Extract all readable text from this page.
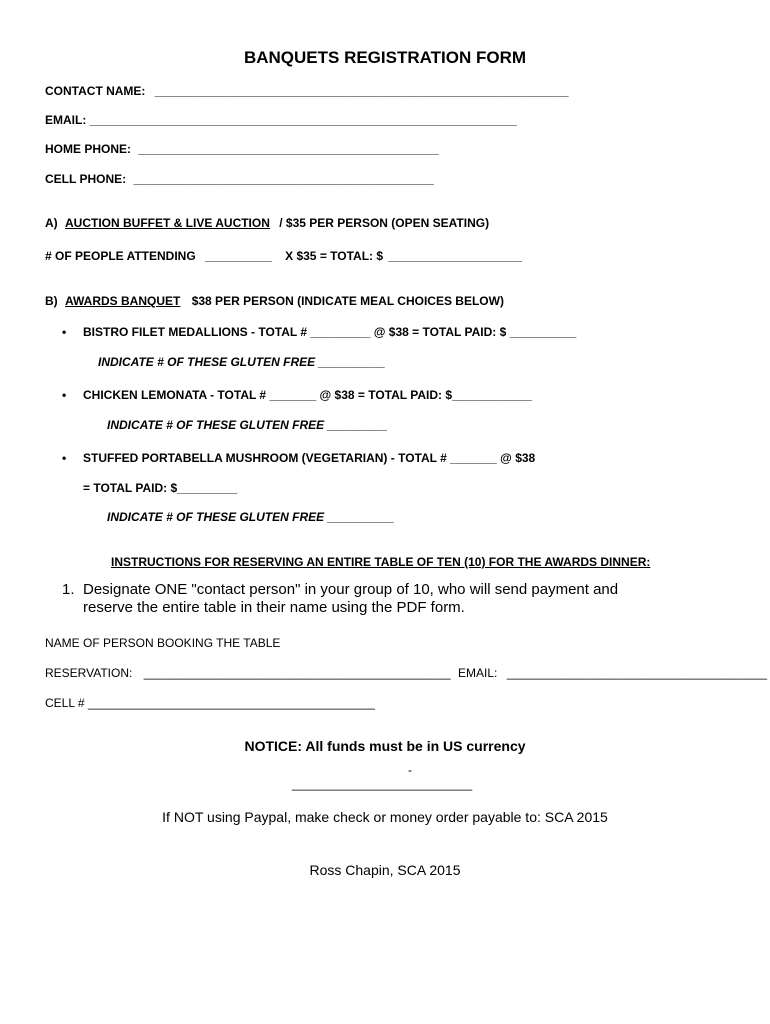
BANQUETS REGISTRATION FORM
CONTACT NAME: ______________________________________________________________
EMAIL: ________________________________________________________________
HOME PHONE: _____________________________________________
CELL PHONE: _____________________________________________
A) AUCTION BUFFET & LIVE AUCTION / $35 PER PERSON (OPEN SEATING)
# OF PEOPLE ATTENDING __________ X $35 = TOTAL: $ ____________________
B) AWARDS BANQUET $38 PER PERSON (INDICATE MEAL CHOICES BELOW)
• BISTRO FILET MEDALLIONS - TOTAL # _________ @ $38 = TOTAL PAID: $ __________
INDICATE # OF THESE GLUTEN FREE __________
• CHICKEN LEMONATA - TOTAL # _______ @ $38 = TOTAL PAID: $____________
INDICATE # OF THESE GLUTEN FREE _________
• STUFFED PORTABELLA MUSHROOM (VEGETARIAN) - TOTAL # _______ @ $38
= TOTAL PAID: $_________
INDICATE # OF THESE GLUTEN FREE __________
INSTRUCTIONS FOR RESERVING AN ENTIRE TABLE OF TEN (10) FOR THE AWARDS DINNER:
1. Designate ONE "contact person" in your group of 10, who will send payment and
reserve the entire table in their name using the PDF form.
NAME OF PERSON BOOKING THE TABLE
RESERVATION: ______________________________________________ EMAIL: _______________________________________
CELL # ___________________________________________
NOTICE: All funds must be in US currency
-
___________________________
If NOT using Paypal, make check or money order payable to: SCA 2015
Ross Chapin, SCA 2015
